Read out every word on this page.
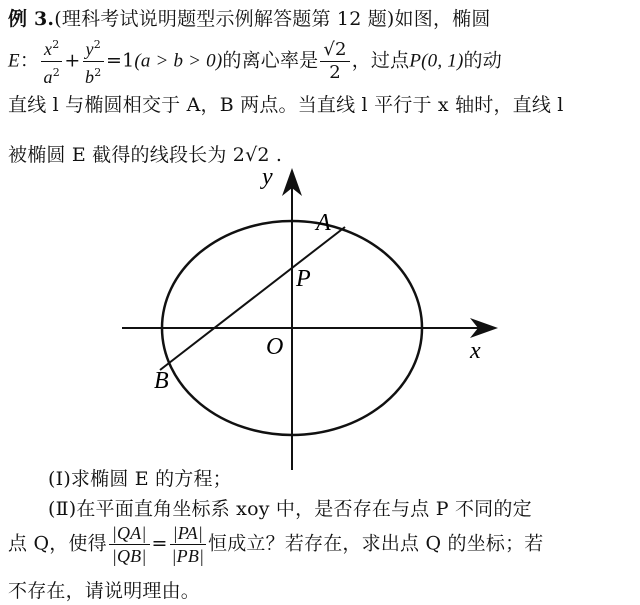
例 3.(理科考试说明题型示例解答题第 12 题)如图，椭圆
E： $\frac{x^2}{a^2} + \frac{y^2}{b^2} =1(a > b > 0)$的离心率是 $\frac{√2}{2}$ ，过点P(0, 1)的动
直线 l 与椭圆相交于 A，B 两点。当直线 l 平行于 x 轴时，直线 l
被椭圆 E 截得的线段长为 2√2 .
y
x
O
A
B
P
(Ⅰ)求椭圆 E 的方程；
(Ⅱ)在平面直角坐标系 xoy 中，是否存在与点 P 不同的定
点 Q，使得 $\frac{|QA|}{|QB|} = \frac{|PA|}{|PB|}$ 恒成立？若存在，求出点 Q 的坐标；若
不存在，请说明理由。
